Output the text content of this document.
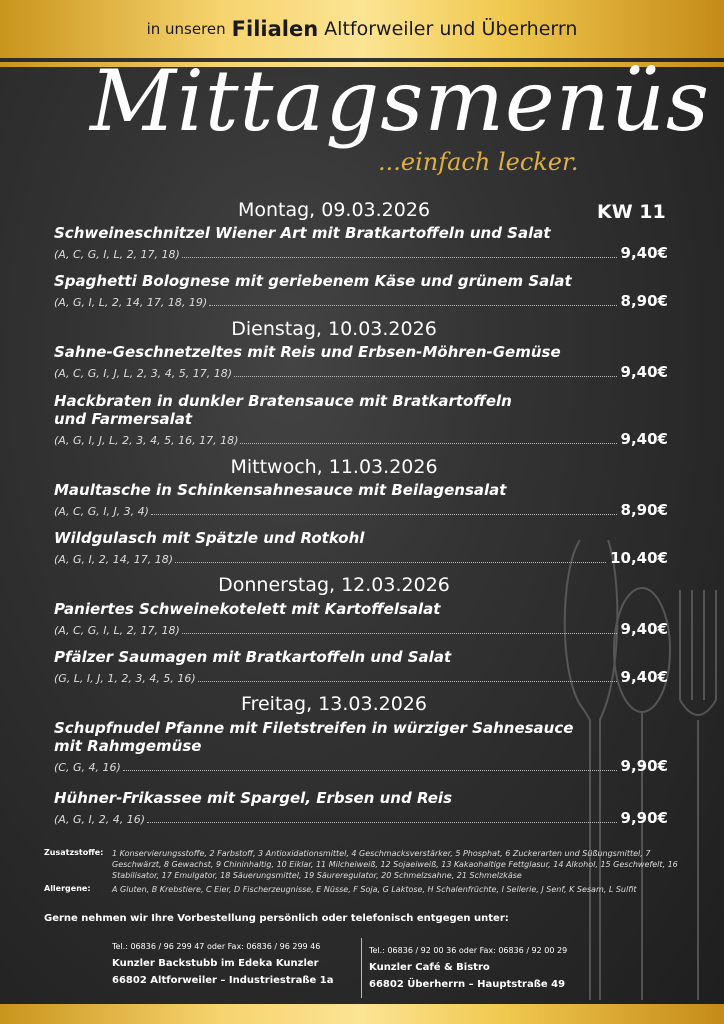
in unseren Filialen Altforweiler und Überherrn
Mittagsmenüs
...einfach lecker.
KW 11
Montag, 09.03.2026
Schweineschnitzel Wiener Art mit Bratkartoffeln und Salat
(A, C, G, I, L, 2, 17, 18)	9,40€
Spaghetti Bolognese mit geriebenem Käse und grünem Salat
(A, G, I, L, 2, 14, 17, 18, 19)	8,90€
Dienstag, 10.03.2026
Sahne-Geschnetzeltes mit Reis und Erbsen-Möhren-Gemüse
(A, C, G, I, J, L, 2, 3, 4, 5, 17, 18)	9,40€
Hackbraten in dunkler Bratensauce mit Bratkartoffeln
und Farmersalat
(A, G, I, J, L, 2, 3, 4, 5, 16, 17, 18)	9,40€
Mittwoch, 11.03.2026
Maultasche in Schinkensahnesauce mit Beilagensalat
(A, C, G, I, J, 3, 4)	8,90€
Wildgulasch mit Spätzle und Rotkohl
(A, G, I, 2, 14, 17, 18)	10,40€
Donnerstag, 12.03.2026
Paniertes Schweinekotelett mit Kartoffelsalat
(A, C, G, I, L, 2, 17, 18)	9,40€
Pfälzer Saumagen mit Bratkartoffeln und Salat
(G, L, I, J, 1, 2, 3, 4, 5, 16)	9,40€
Freitag, 13.03.2026
Schupfnudel Pfanne mit Filetstreifen in würziger Sahnesauce
mit Rahmgemüse
(C, G, 4, 16)	9,90€
Hühner-Frikassee mit Spargel, Erbsen und Reis
(A, G, I, 2, 4, 16)	9,90€
Zusatzstoffe:	1 Konservierungsstoffe, 2 Farbstoff, 3 Antioxidationsmittel, 4 Geschmacksverstärker, 5 Phosphat, 6 Zuckerarten und Süßungsmittel, 7 Geschwärzt, 8 Gewachst, 9 Chininhaltig, 10 Eiklar, 11 Milcheiweiß, 12 Sojaeiweiß, 13 Kakaohaltige Fettglasur, 14 Alkohol, 15 Geschwefelt, 16 Stabilisator, 17 Emulgator, 18 Säuerungsmittel, 19 Säureregulator, 20 Schmelzsahne, 21 Schmelzkäse
Allergene:	A Gluten, B Krebstiere, C Eier, D Fischerzeugnisse, E Nüsse, F Soja, G Laktose, H Schalenfrüchte, I Sellerie, J Senf, K Sesam, L Sulfit
Gerne nehmen wir Ihre Vorbestellung persönlich oder telefonisch entgegen unter:
Tel.: 06836 / 96 299 47 oder Fax: 06836 / 96 299 46
Kunzler Backstubb im Edeka Kunzler
66802 Altforweiler – Industriestraße 1a
Tel.: 06836 / 92 00 36 oder Fax: 06836 / 92 00 29
Kunzler Café & Bistro
66802 Überherrn – Hauptstraße 49
